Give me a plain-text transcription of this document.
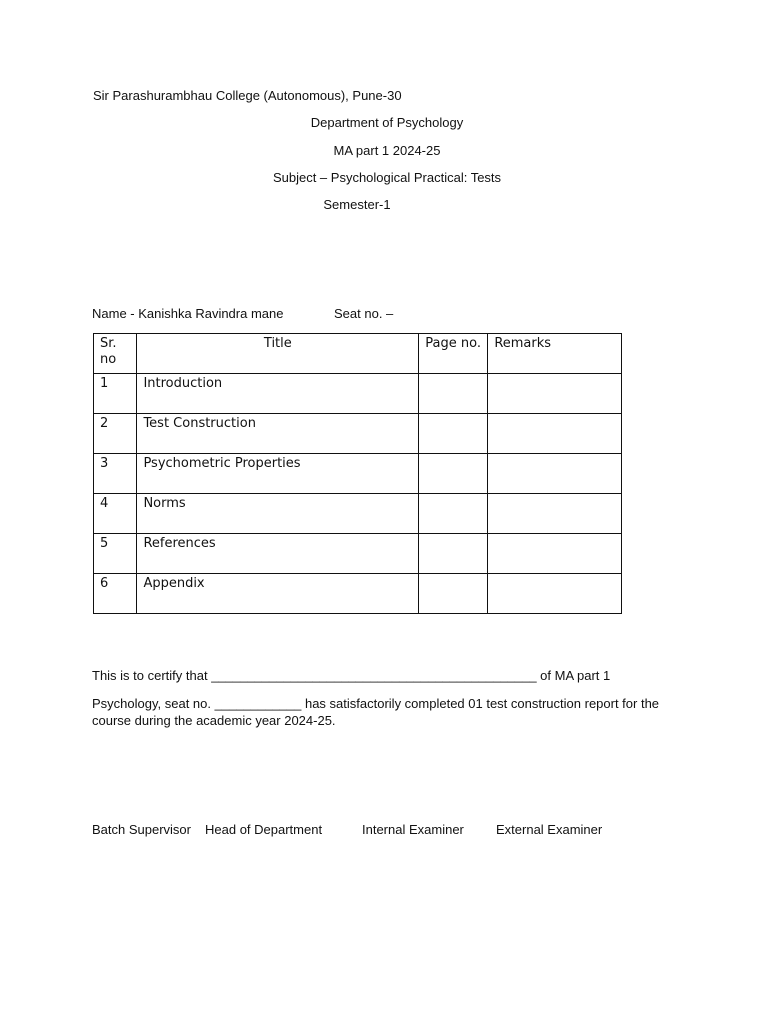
Sir Parashurambhau College (Autonomous), Pune-30
Department of Psychology
MA part 1 2024-25
Subject – Psychological Practical: Tests
Semester-1
Name - Kanishka Ravindra mane	Seat no. –
Sr. no	Title	Page no.	Remarks
1	Introduction		
2	Test Construction		
3	Psychometric Properties		
4	Norms		
5	References		
6	Appendix		
This is to certify that _____________________________________________ of MA part 1
Psychology, seat no. ____________ has satisfactorily completed 01 test construction report for the course during the academic year 2024-25.
Batch Supervisor Head of Department	Internal Examiner External Examiner
